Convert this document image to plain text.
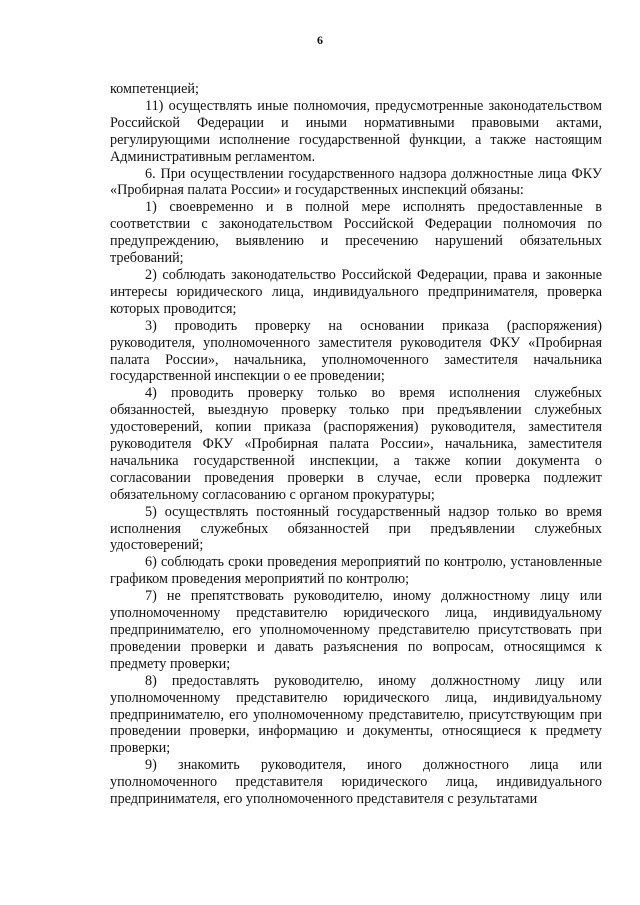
6

компетенцией;

11) осуществлять иные полномочия, предусмотренные законодательством Российской Федерации и иными нормативными правовыми актами, регулирующими исполнение государственной функции, а также настоящим Административным регламентом.

6. При осуществлении государственного надзора должностные лица ФКУ «Пробирная палата России» и государственных инспекций обязаны:

1) своевременно и в полной мере исполнять предоставленные в соответствии с законодательством Российской Федерации полномочия по предупреждению, выявлению и пресечению нарушений обязательных требований;

2) соблюдать законодательство Российской Федерации, права и законные интересы юридического лица, индивидуального предпринимателя, проверка которых проводится;

3) проводить проверку на основании приказа (распоряжения) руководителя, уполномоченного заместителя руководителя ФКУ «Пробирная палата России», начальника, уполномоченного заместителя начальника государственной инспекции о ее проведении;

4) проводить проверку только во время исполнения служебных обязанностей, выездную проверку только при предъявлении служебных удостоверений, копии приказа (распоряжения) руководителя, заместителя руководителя ФКУ «Пробирная палата России», начальника, заместителя начальника государственной инспекции, а также копии документа о согласовании проведения проверки в случае, если проверка подлежит обязательному согласованию с органом прокуратуры;

5) осуществлять постоянный государственный надзор только во время исполнения служебных обязанностей при предъявлении служебных удостоверений;

6) соблюдать сроки проведения мероприятий по контролю, установленные графиком проведения мероприятий по контролю;

7) не препятствовать руководителю, иному должностному лицу или уполномоченному представителю юридического лица, индивидуальному предпринимателю, его уполномоченному представителю присутствовать при проведении проверки и давать разъяснения по вопросам, относящимся к предмету проверки;

8) предоставлять руководителю, иному должностному лицу или уполномоченному представителю юридического лица, индивидуальному предпринимателю, его уполномоченному представителю, присутствующим при проведении проверки, информацию и документы, относящиеся к предмету проверки;

9) знакомить руководителя, иного должностного лица или уполномоченного представителя юридического лица, индивидуального предпринимателя, его уполномоченного представителя с результатами
